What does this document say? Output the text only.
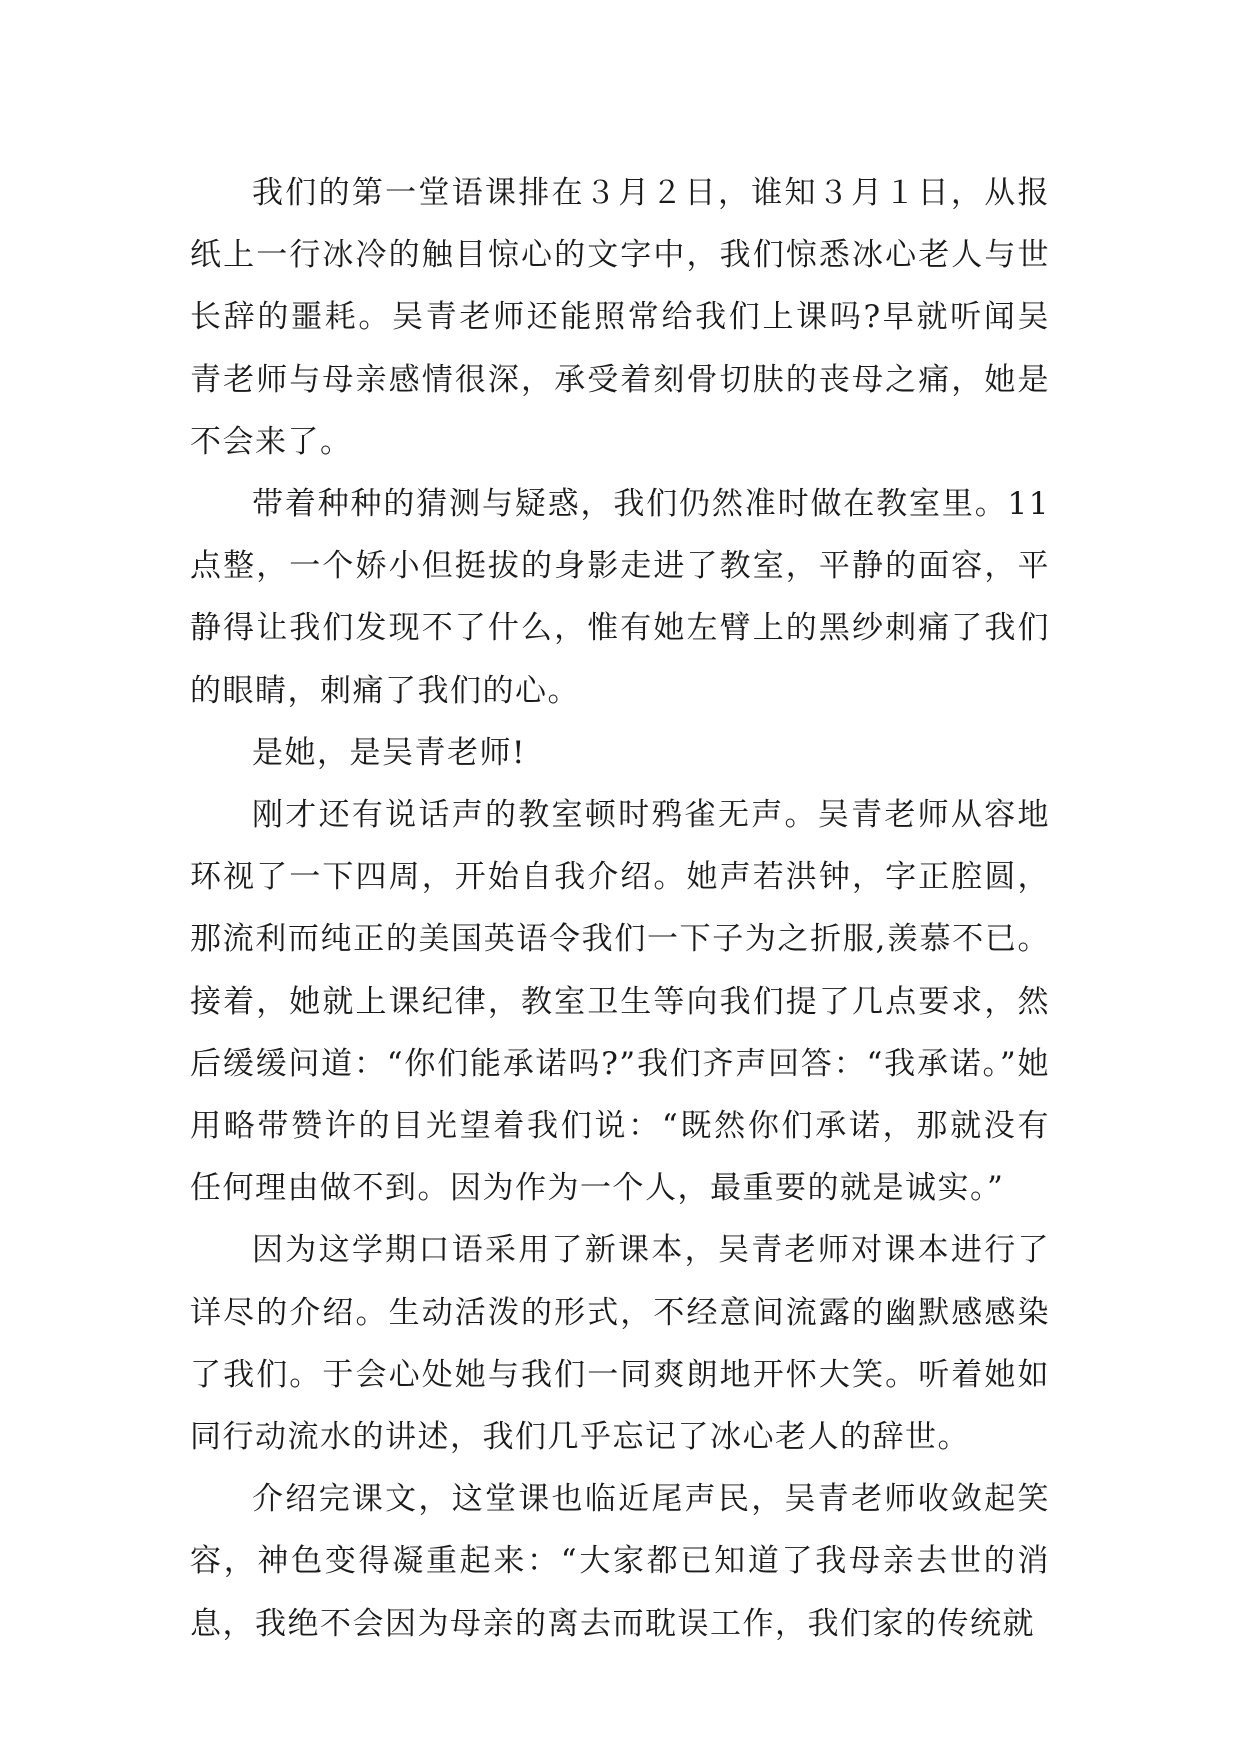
我们的第一堂语课排在３月２日，谁知３月１日，从报纸上一行冰冷的触目惊心的文字中，我们惊悉冰心老人与世长辞的噩耗。吴青老师还能照常给我们上课吗?早就听闻吴青老师与母亲感情很深，承受着刻骨切肤的丧母之痛，她是不会来了。

带着种种的猜测与疑惑，我们仍然准时做在教室里。11点整，一个娇小但挺拔的身影走进了教室，平静的面容，平静得让我们发现不了什么，惟有她左臂上的黑纱刺痛了我们的眼睛，刺痛了我们的心。

是她，是吴青老师!

刚才还有说话声的教室顿时鸦雀无声。吴青老师从容地环视了一下四周，开始自我介绍。她声若洪钟，字正腔圆，那流利而纯正的美国英语令我们一下子为之折服,羡慕不已。接着，她就上课纪律，教室卫生等向我们提了几点要求，然后缓缓问道：“你们能承诺吗?”我们齐声回答：“我承诺。”她用略带赞许的目光望着我们说：“既然你们承诺，那就没有任何理由做不到。因为作为一个人，最重要的就是诚实。”

因为这学期口语采用了新课本，吴青老师对课本进行了详尽的介绍。生动活泼的形式，不经意间流露的幽默感感染了我们。于会心处她与我们一同爽朗地开怀大笑。听着她如同行动流水的讲述，我们几乎忘记了冰心老人的辞世。

介绍完课文，这堂课也临近尾声民，吴青老师收敛起笑容，神色变得凝重起来：“大家都已知道了我母亲去世的消息，我绝不会因为母亲的离去而耽误工作，我们家的传统就
